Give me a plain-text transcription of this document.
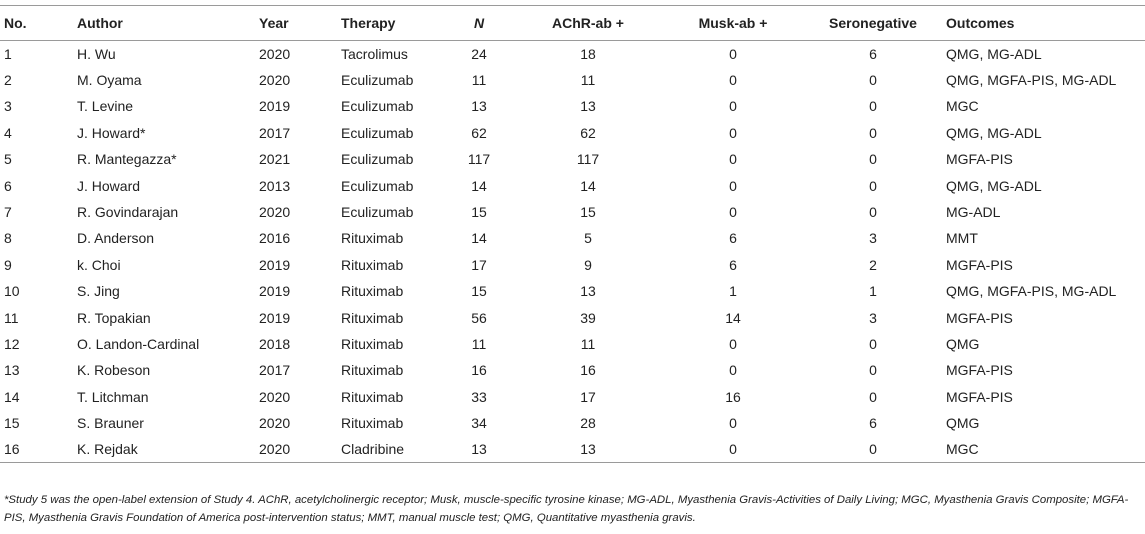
No.	Author	Year	Therapy	N	AChR-ab +	Musk-ab +	Seronegative	Outcomes
1	H. Wu	2020	Tacrolimus	24	18	0	6	QMG, MG-ADL
2	M. Oyama	2020	Eculizumab	11	11	0	0	QMG, MGFA-PIS, MG-ADL
3	T. Levine	2019	Eculizumab	13	13	0	0	MGC
4	J. Howard*	2017	Eculizumab	62	62	0	0	QMG, MG-ADL
5	R. Mantegazza*	2021	Eculizumab	117	117	0	0	MGFA-PIS
6	J. Howard	2013	Eculizumab	14	14	0	0	QMG, MG-ADL
7	R. Govindarajan	2020	Eculizumab	15	15	0	0	MG-ADL
8	D. Anderson	2016	Rituximab	14	5	6	3	MMT
9	k. Choi	2019	Rituximab	17	9	6	2	MGFA-PIS
10	S. Jing	2019	Rituximab	15	13	1	1	QMG, MGFA-PIS, MG-ADL
11	R. Topakian	2019	Rituximab	56	39	14	3	MGFA-PIS
12	O. Landon-Cardinal	2018	Rituximab	11	11	0	0	QMG
13	K. Robeson	2017	Rituximab	16	16	0	0	MGFA-PIS
14	T. Litchman	2020	Rituximab	33	17	16	0	MGFA-PIS
15	S. Brauner	2020	Rituximab	34	28	0	6	QMG
16	K. Rejdak	2020	Cladribine	13	13	0	0	MGC
*Study 5 was the open-label extension of Study 4. AChR, acetylcholinergic receptor; Musk, muscle-specific tyrosine kinase; MG-ADL, Myasthenia Gravis-Activities of Daily Living; MGC, Myasthenia Gravis Composite; MGFA-PIS, Myasthenia Gravis Foundation of America post-intervention status; MMT, manual muscle test; QMG, Quantitative myasthenia gravis.
